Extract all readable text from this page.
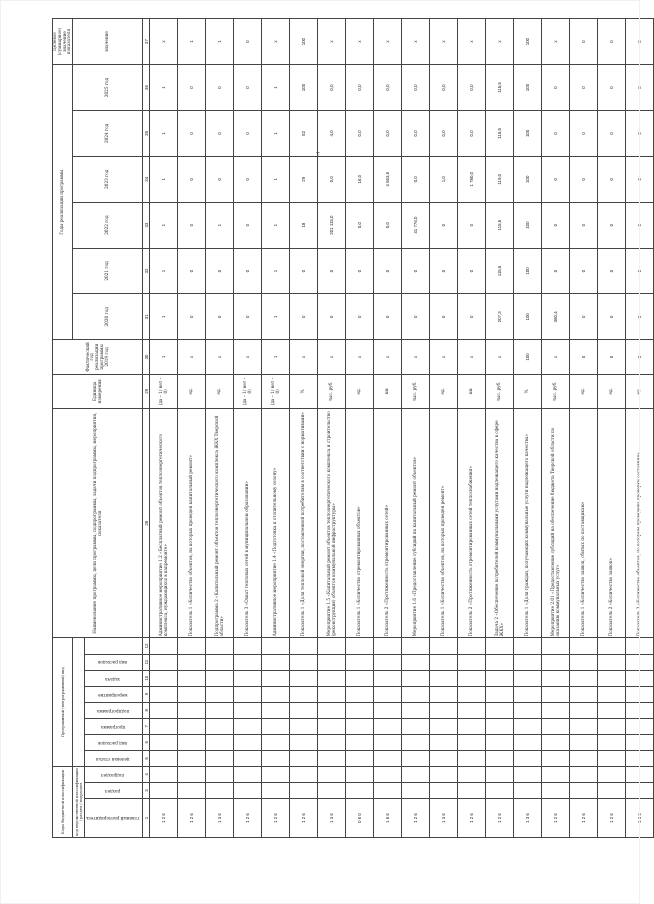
т
Коды бюджетной классификации			Программный (непрограммный) вид								Наименование программы, цели программы, подпрограммы, задачи подпрограммы, мероприятия, показателя	Единица измерения	Фактический год реализации программы 2019 год	Годы реализации программы						Целевое (суммарное) значение показателя
код ведомственной классификации / раздел / подраздел														2020 год	2021 год	2022 год	2023 год	2024 год	2025 год	значение
главный распорядитель	раздел	подраздел	целевая статья	вид расходов	программа	подпрограмма	мероприятие	задача	вид расходов											
1	3	4	5	6	7	8	9	10	11	12	28	29	30	31	32	33	34	35	36	37
1 2 6											Административное мероприятие 1.2 «Бесплатный ремонт объектов теплоэнергетического комплекса, нуждающихся в капремонте»	(да – 1/ нет – 0)	1	1	1	1	1	1	1	х
1 2 6											Показатель 1 «Количество объектов, на которых проведен капитальный ремонт»	ед.	х	0	0	0	0	0	0	1
1 3 6											Подпрограмма 2 «Капитальный ремонт объектов теплоэнергетического комплекса ЖКХ Тверской области»	ед.	х	0	0	1	0	0	0	1
1 2 6											Показатель 3 «Охват тепловых сетей в муниципальном образовании»	(да – 1/ нет – 0)	х	0	0	0	0	0	0	0
1 2 6											Административное мероприятие 1.4 «Подготовка к отопительному сезону»	(да – 1/ нет – 0)	1	1	1	1	1	1	1	х
1 2 6											Показатель 1 «Доля тепловой энергии, поставленной потребителям в соответствии с нормативами»	%	х	0	0	18	29	52	100	100
1 3 6											Мероприятие 1.5 «Капитальный ремонт объектов теплоэнергетического комплекса и строительство (реконструкция) объектов коммунальной инфраструктуры»	тыс. руб.	х	0	0	201 115,0	0,0	4,0	0,0	х
0 6 0											Показатель 1 «Количество отремонтированных объектов»	ед.	х	0	0	0,0	16,0	0,0	0,0	х
1 6 6											Показатель 2 «Протяженность отремонтированных сетей»	км	х	0	0	0,0	4 663,5	0,0	0,0	х
1 2 6											Мероприятие 1.6 «Предоставление субсидий на капитальный ремонт объектов»	тыс. руб.	х	0	0	41 776,0	0,0	0,0	0,0	х
1 3 6											Показатель 1 «Количество объектов, на которых проведен ремонт»	ед.	х	0	0	0	1,0	0,0	0,0	х
1 2 6											Показатель 2 «Протяженность отремонтированных сетей теплоснабжения»	км	х	0	0	0	1 780,0	0,0	0,0	х
1 2 6											Задача 2 «Обеспечение потребителей коммунальными услугами надлежащего качества в сфере ЖКХ»	тыс. руб.	х	207,3	115,5	115,5	119,0	115,5	115,5	х
1 3 6											Показатель 1 «Доля граждан, получающих коммунальные услуги надлежащего качества»	%	100	100	100	100	100	100	100	100
1 2 6											Мероприятие 2.01 «Предоставление субсидий на обеспечение бюджета Тверской области по оказанию коммунальных услуг»	тыс. руб.	х	360,4	0	0	0	0	0	х
1 2 6											Показатель 1 «Количество заявок, сбитых по поставщикам»	ед.	0	0	0	0	0	0	0	0
1 2 6											Показатель 2 «Количество заявок»	ед.	0	0	0	0	0	0	0	0
1 3 6											Показатель 3 «Количество объектов, по которым проведены проверки состояния»	ед.	0	0	0	0	0	0	0	0
